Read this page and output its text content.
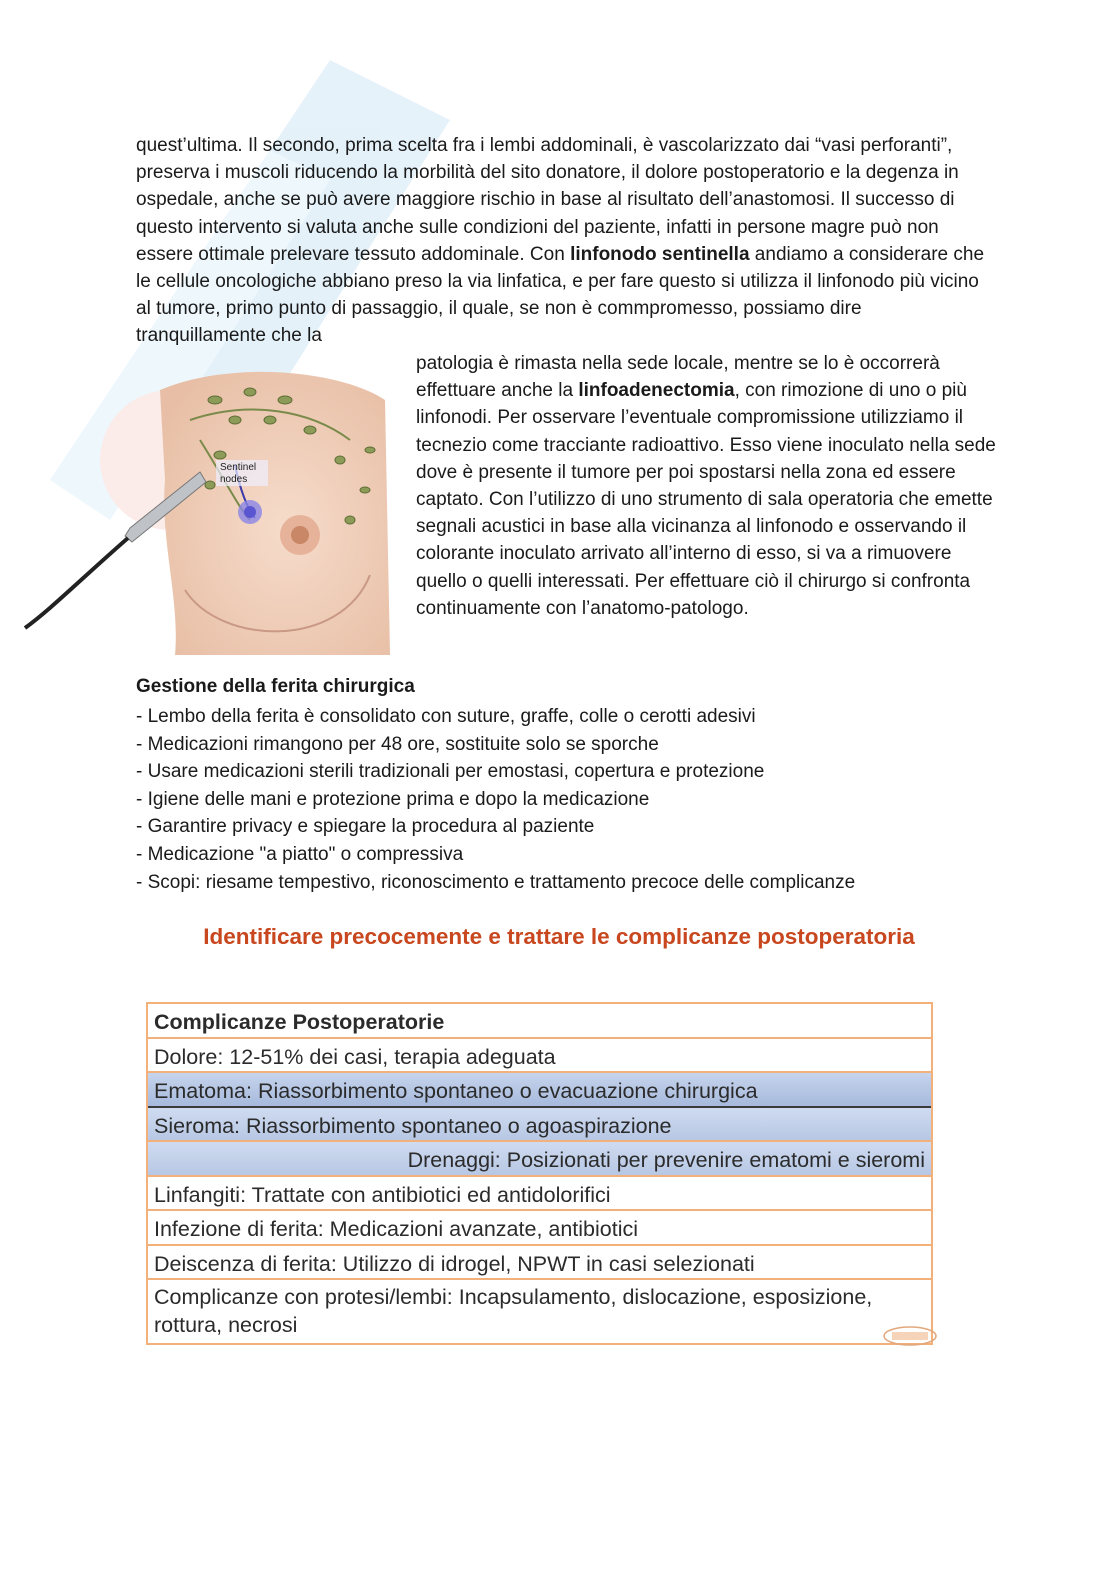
quest’ultima. Il secondo, prima scelta fra i lembi addominali, è vascolarizzato dai “vasi perforanti”, preserva i muscoli riducendo la morbilità del sito donatore, il dolore postoperatorio e la degenza in ospedale, anche se può avere maggiore rischio in base al risultato dell’anastomosi. Il successo di questo intervento si valuta anche sulle condizioni del paziente, infatti in persone magre può non essere ottimale prelevare tessuto addominale. Con linfonodo sentinella andiamo a considerare che le cellule oncologiche abbiano preso la via linfatica, e per fare questo si utilizza il linfonodo più vicino al tumore, primo punto di passaggio, il quale, se non è commpromesso, possiamo dire tranquillamente che la

Sentinel
nodes

patologia è rimasta nella sede locale, mentre se lo è occorrerà effettuare anche la linfoadenectomia, con rimozione di uno o più linfonodi. Per osservare l’eventuale compromissione utilizziamo il tecnezio come tracciante radioattivo. Esso viene inoculato nella sede dove è presente il tumore per poi spostarsi nella zona ed essere captato. Con l’utilizzo di uno strumento di sala operatoria che emette segnali acustici in base alla vicinanza al linfonodo e osservando il colorante inoculato arrivato all’interno di esso, si va a rimuovere quello o quelli interessati. Per effettuare ciò il chirurgo si confronta continuamente con l’anatomo-patologo.

Gestione della ferita chirurgica
- Lembo della ferita è consolidato con suture, graffe, colle o cerotti adesivi
- Medicazioni rimangono per 48 ore, sostituite solo se sporche
- Usare medicazioni sterili tradizionali per emostasi, copertura e protezione
- Igiene delle mani e protezione prima e dopo la medicazione
- Garantire privacy e spiegare la procedura al paziente
- Medicazione "a piatto" o compressiva
- Scopi: riesame tempestivo, riconoscimento e trattamento precoce delle complicanze
Identificare precocemente e trattare le complicanze postoperatoria
Complicanze Postoperatorie
Dolore: 12-51% dei casi, terapia adeguata
Ematoma: Riassorbimento spontaneo o evacuazione chirurgica
Sieroma: Riassorbimento spontaneo o agoaspirazione
Drenaggi: Posizionati per prevenire ematomi e sieromi
Linfangiti: Trattate con antibiotici ed antidolorifici
Infezione di ferita: Medicazioni avanzate, antibiotici
Deiscenza di ferita: Utilizzo di idrogel, NPWT in casi selezionati
Complicanze con protesi/lembi: Incapsulamento, dislocazione, esposizione, rottura, necrosi
